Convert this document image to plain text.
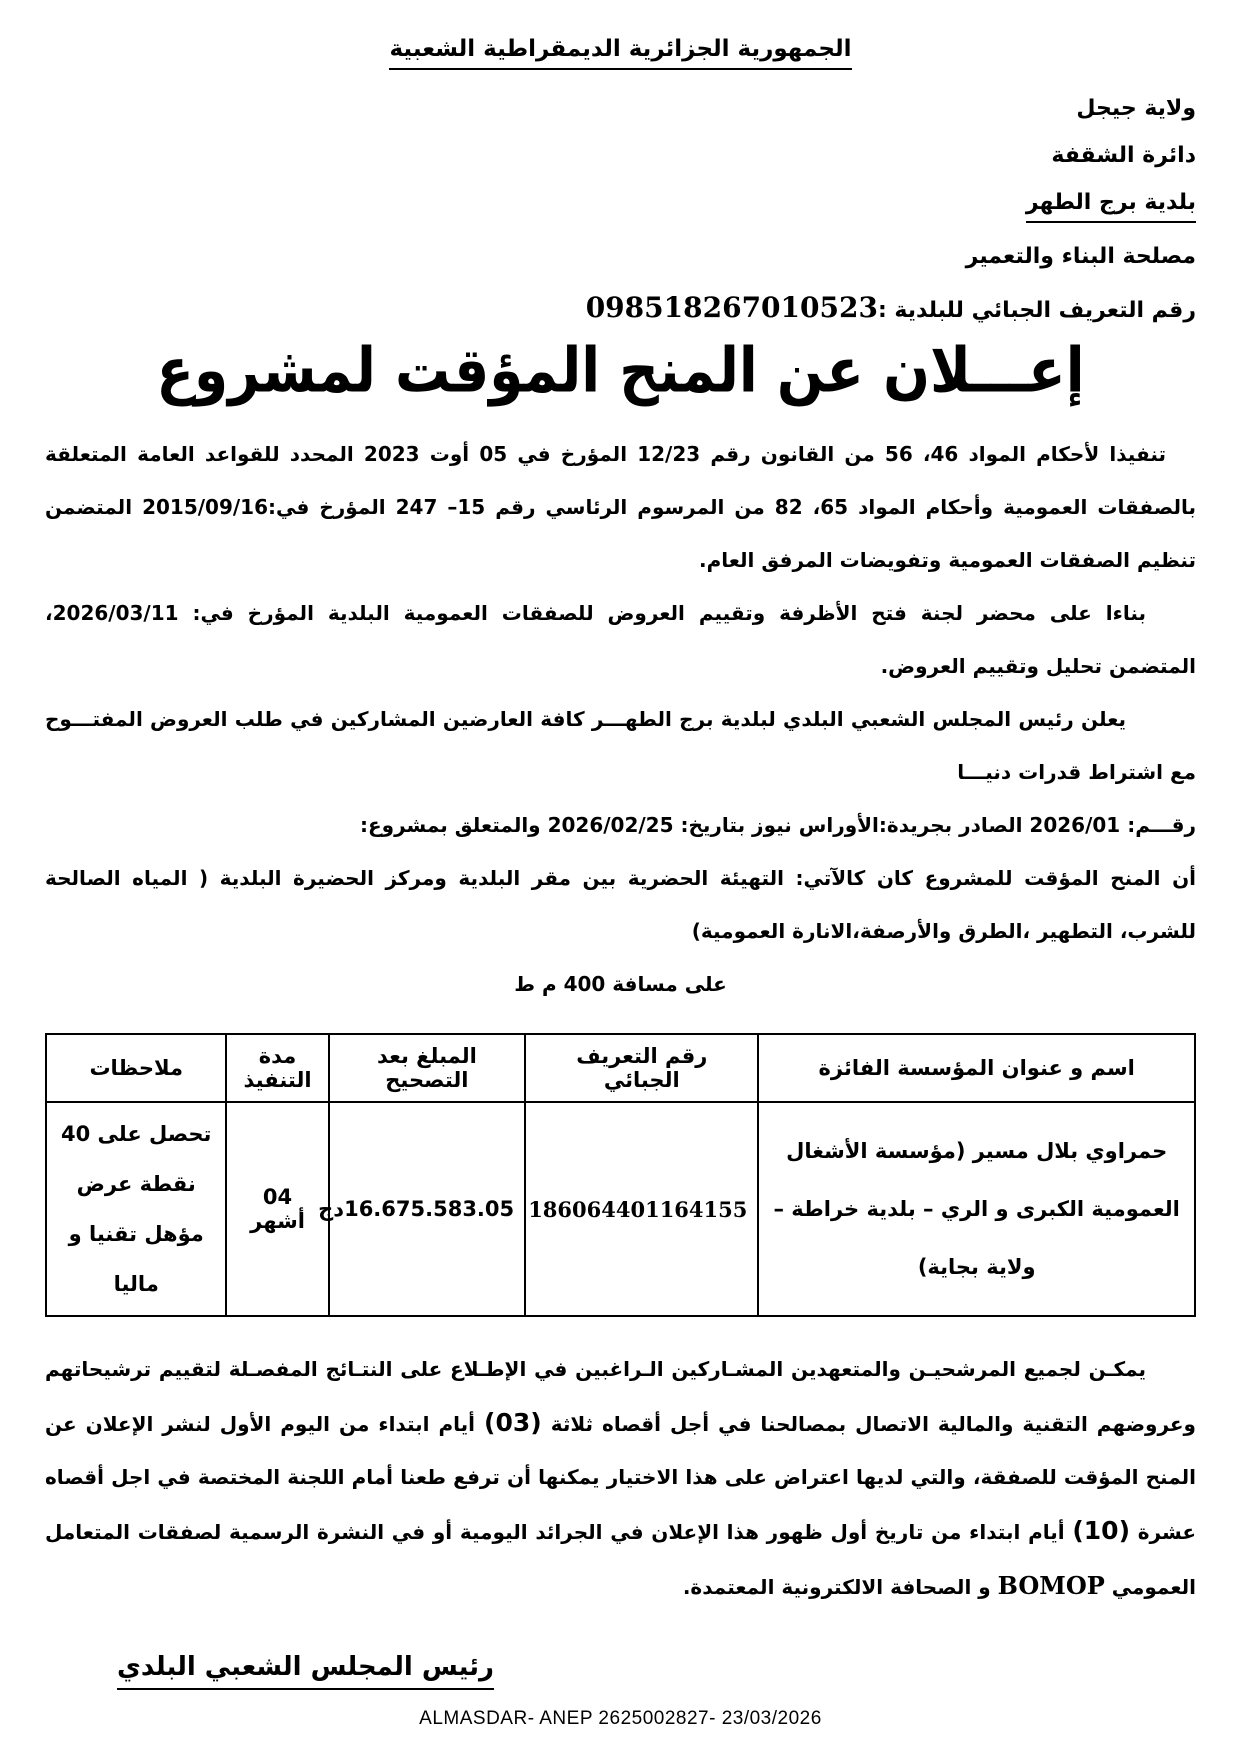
الجمهورية الجزائرية الديمقراطية الشعبية

ولاية جيجل

دائرة الشقفة

بلدية برج الطهر

مصلحة البناء والتعمير

رقم التعريف الجبائي للبلدية :098518267010523

إعـــلان عن المنح المؤقت لمشروع

تنفيذا لأحكام المواد 46، 56 من القانون رقم 12/23 المؤرخ في 05 أوت 2023 المحدد للقواعد العامة المتعلقة بالصفقات العمومية وأحكام المواد 65، 82 من المرسوم الرئاسي رقم 15– 247 المؤرخ في:2015/09/16 المتضمن تنظيم الصفقات العمومية وتفويضات المرفق العام.

بناءا على محضر لجنة فتح الأظرفة وتقييم العروض للصفقات العمومية البلدية المؤرخ في: 2026/03/11، المتضمن تحليل وتقييم العروض.

يعلن رئيس المجلس الشعبي البلدي لبلدية برج الطهـــر كافة العارضين المشاركين في طلب العروض المفتـــوح مع اشتراط قدرات دنيـــا

رقـــم: 2026/01 الصادر بجريدة:الأوراس نيوز بتاريخ: 2026/02/25 والمتعلق بمشروع:

أن المنح المؤقت للمشروع كان كالآتي: التهيئة الحضرية بين مقر البلدية ومركز الحضيرة البلدية ( المياه الصالحة للشرب، التطهير ،الطرق والأرصفة،الانارة العمومية)

على مسافة 400 م ط

اسم و عنوان المؤسسة الفائزة	رقم التعريف الجبائي	المبلغ بعد التصحيح	مدة التنفيذ	ملاحظات
حمراوي بلال مسير (مؤسسة الأشغال العمومية الكبرى و الري – بلدية خراطة – ولاية بجاية)	186064401164155	16.675.583.05دج	04 أشهر	تحصل على 40 نقطة عرض مؤهل تقنيا و ماليا

يمكـن لجميع المرشحيـن والمتعهدين المشـاركين الـراغبين في الإطـلاع على النتـائج المفصـلة لتقييم ترشيحاتهم وعروضهم التقنية والمالية الاتصال بمصالحنا في أجل أقصاه ثلاثة (03) أيام ابتداء من اليوم الأول لنشر الإعلان عن المنح المؤقت للصفقة، والتي لديها اعتراض على هذا الاختيار يمكنها أن ترفع طعنا أمام اللجنة المختصة في اجل أقصاه عشرة (10) أيام ابتداء من تاريخ أول ظهور هذا الإعلان في الجرائد اليومية أو في النشرة الرسمية لصفقات المتعامل العمومي BOMOP و الصحافة الالكترونية المعتمدة.

رئيس المجلس الشعبي البلدي
ALMASDAR- ANEP 2625002827- 23/03/2026
